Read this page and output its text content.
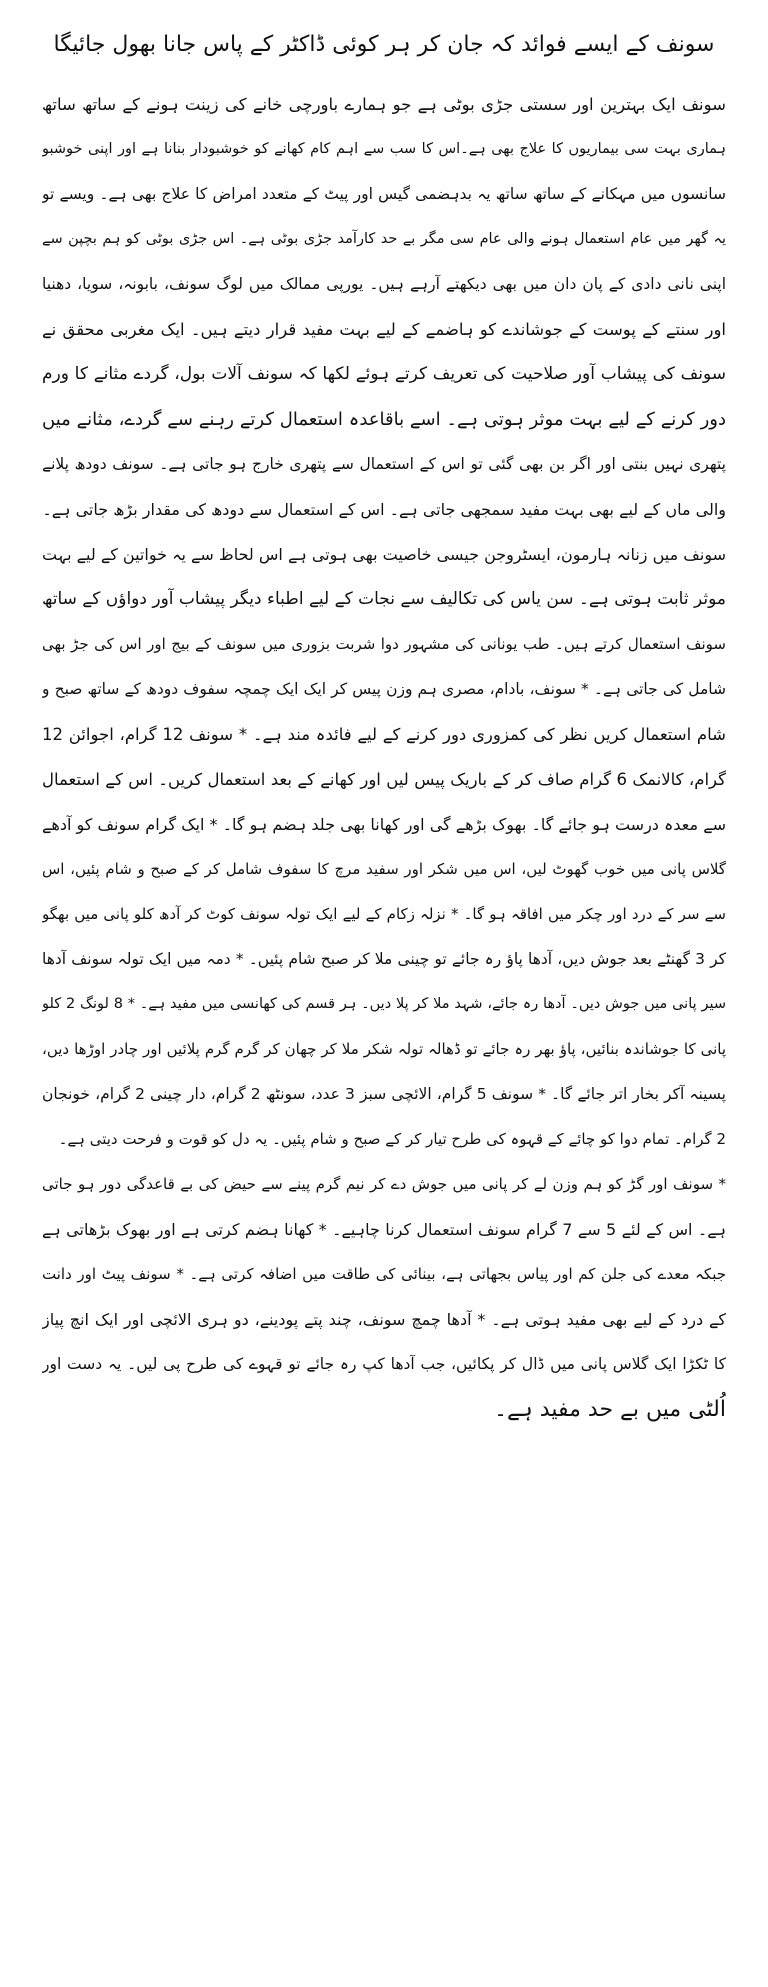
سونف کے ایسے فوائد کہ جان کر ہر کوئی ڈاکٹر کے پاس جانا بھول جائیگا
سونف ایک بہترین اور سستی جڑی بوٹی ہے جو ہمارے باورچی خانے کی زینت ہونے کے ساتھ ساتھ
ہماری بہت سی بیماریوں کا علاج بھی ہے۔اس کا سب سے اہم کام کھانے کو خوشبودار بنانا ہے اور اپنی خوشبو
سانسوں میں مہکانے کے ساتھ ساتھ یہ بدہضمی گیس اور پیٹ کے متعدد امراض کا علاج بھی ہے۔ ویسے تو
یہ گھر میں عام استعمال ہونے والی عام سی مگر بے حد کارآمد جڑی بوٹی ہے۔ اس جڑی بوٹی کو ہم بچپن سے
اپنی نانی دادی کے پان دان میں بھی دیکھتے آرہے ہیں۔ یورپی ممالک میں لوگ سونف، بابونہ، سویا، دھنیا
اور سنتے کے پوست کے جوشاندے کو ہاضمے کے لیے بہت مفید قرار دیتے ہیں۔ ایک مغربی محقق نے
سونف کی پیشاب آور صلاحیت کی تعریف کرتے ہوئے لکھا کہ سونف آلات بول، گردے مثانے کا ورم
دور کرنے کے لیے بہت موثر ہوتی ہے۔ اسے باقاعدہ استعمال کرتے رہنے سے گردے، مثانے میں
پتھری نہیں بنتی اور اگر بن بھی گئی تو اس کے استعمال سے پتھری خارج ہو جاتی ہے۔ سونف دودھ پلانے
والی ماں کے لیے بھی بہت مفید سمجھی جاتی ہے۔ اس کے استعمال سے دودھ کی مقدار بڑھ جاتی ہے۔
سونف میں زنانہ ہارمون، ایسٹروجن جیسی خاصیت بھی ہوتی ہے اس لحاظ سے یہ خواتین کے لیے بہت
موثر ثابت ہوتی ہے۔ سن یاس کی تکالیف سے نجات کے لیے اطباء دیگر پیشاب آور دواؤں کے ساتھ
سونف استعمال کرتے ہیں۔ طب یونانی کی مشہور دوا شربت بزوری میں سونف کے بیج اور اس کی جڑ بھی
شامل کی جاتی ہے۔ * سونف، بادام، مصری ہم وزن پیس کر ایک ایک چمچہ سفوف دودھ کے ساتھ صبح و
شام استعمال کریں نظر کی کمزوری دور کرنے کے لیے فائدہ مند ہے۔ * سونف 12 گرام، اجوائن 12
گرام، کالانمک 6 گرام صاف کر کے باریک پیس لیں اور کھانے کے بعد استعمال کریں۔ اس کے استعمال
سے معدہ درست ہو جائے گا۔ بھوک بڑھے گی اور کھانا بھی جلد ہضم ہو گا۔ * ایک گرام سونف کو آدھے
گلاس پانی میں خوب گھوٹ لیں، اس میں شکر اور سفید مرچ کا سفوف شامل کر کے صبح و شام پئیں، اس
سے سر کے درد اور چکر میں افاقہ ہو گا۔ * نزلہ زکام کے لیے ایک تولہ سونف کوٹ کر آدھ کلو پانی میں بھگو
کر 3 گھنٹے بعد جوش دیں، آدھا پاؤ رہ جائے تو چینی ملا کر صبح شام پئیں۔ * دمہ میں ایک تولہ سونف آدھا
سیر پانی میں جوش دیں۔ آدھا رہ جائے، شہد ملا کر پلا دیں۔ ہر قسم کی کھانسی میں مفید ہے۔ * 8 لونگ 2 کلو
پانی کا جوشاندہ بنائیں، پاؤ بھر رہ جائے تو ڈھالہ تولہ شکر ملا کر چھان کر گرم گرم پلائیں اور چادر اوڑھا دیں،
پسینہ آکر بخار اتر جائے گا۔ * سونف 5 گرام، الائچی سبز 3 عدد، سونٹھ 2 گرام، دار چینی 2 گرام، خونجان
2 گرام۔ تمام دوا کو چائے کے قہوہ کی طرح تیار کر کے صبح و شام پئیں۔ یہ دل کو قوت و فرحت دیتی ہے۔
* سونف اور گڑ کو ہم وزن لے کر پانی میں جوش دے کر نیم گرم پینے سے حیض کی بے قاعدگی دور ہو جاتی
ہے۔ اس کے لئے 5 سے 7 گرام سونف استعمال کرنا چاہیے۔ * کھانا ہضم کرتی ہے اور بھوک بڑھاتی ہے
جبکہ معدے کی جلن کم اور پیاس بجھاتی ہے، بینائی کی طاقت میں اضافہ کرتی ہے۔ * سونف پیٹ اور دانت
کے درد کے لیے بھی مفید ہوتی ہے۔ * آدھا چمچ سونف، چند پتے پودینے، دو ہری الائچی اور ایک انچ پیاز
کا ٹکڑا ایک گلاس پانی میں ڈال کر پکائیں، جب آدھا کپ رہ جائے تو قہوے کی طرح پی لیں۔ یہ دست اور
اُلٹی میں بے حد مفید ہے۔
